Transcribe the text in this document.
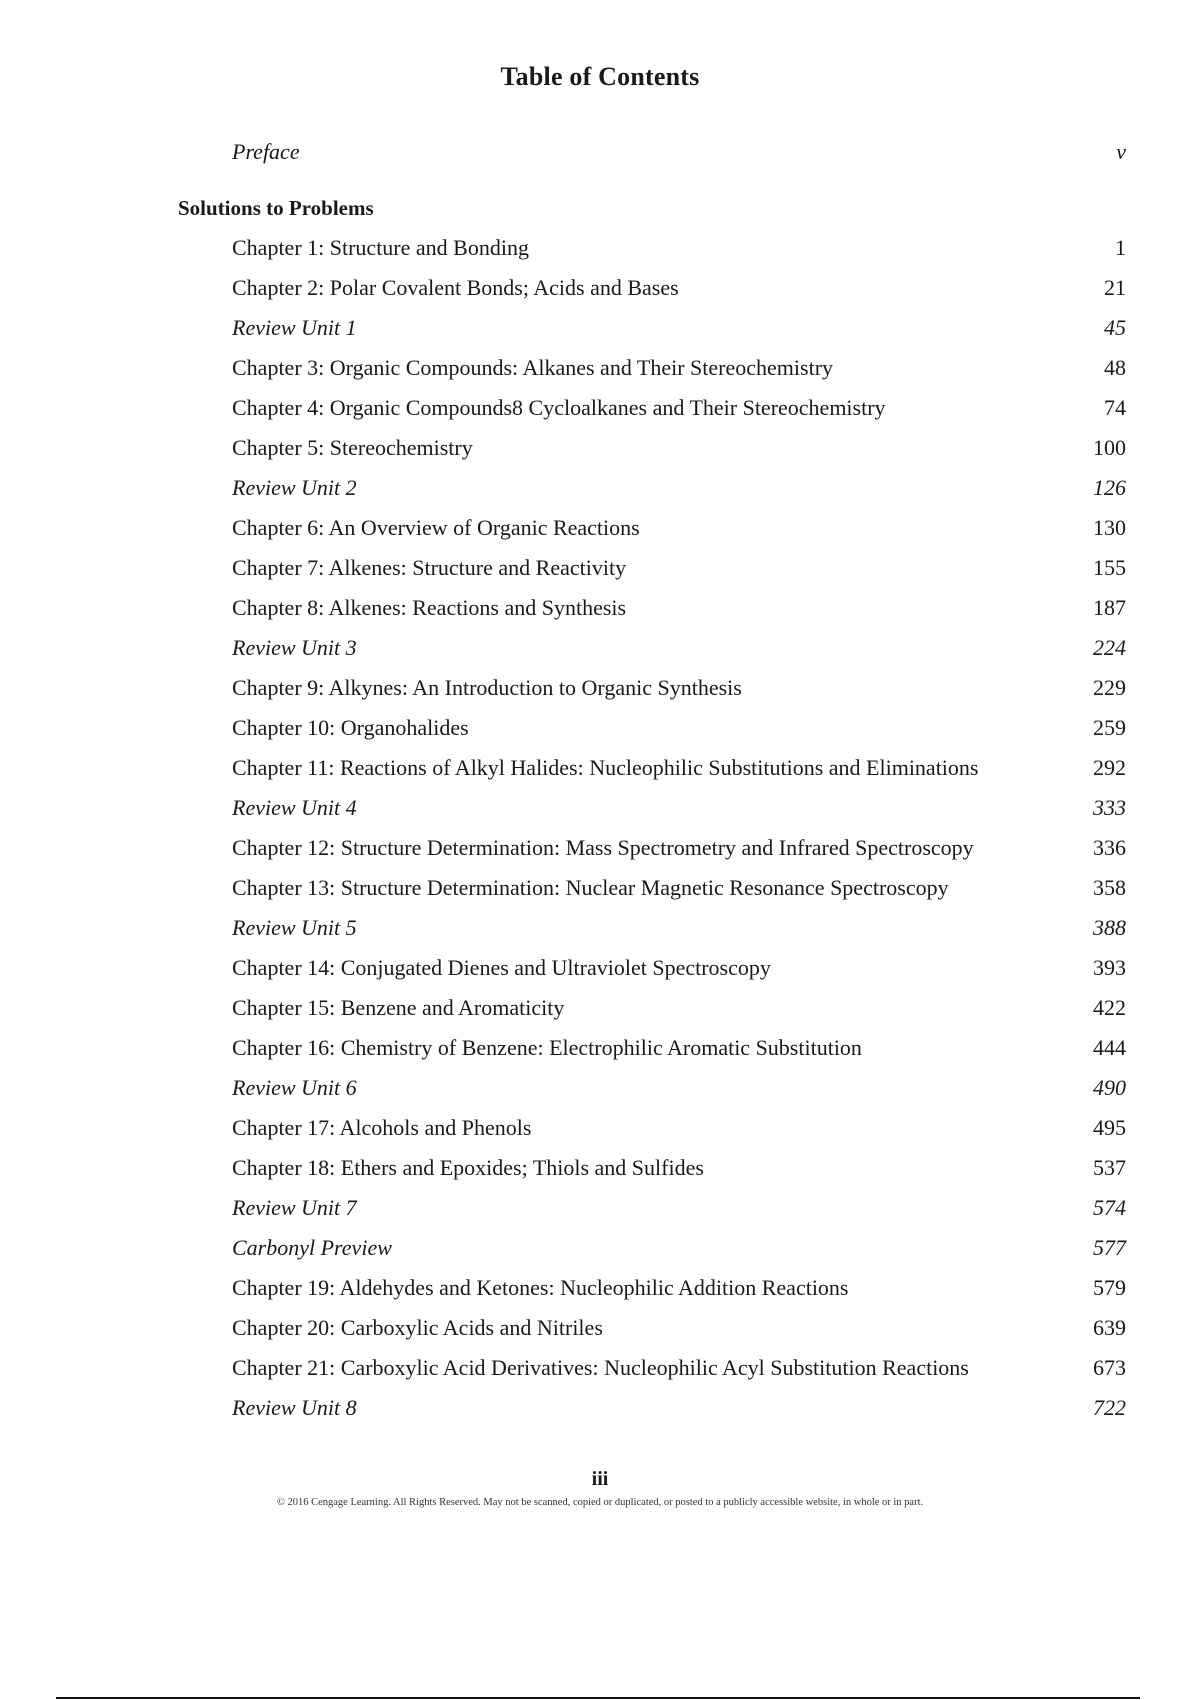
Table of Contents
Preface	v
Solutions to Problems
Chapter 1: Structure and Bonding	1
Chapter 2: Polar Covalent Bonds; Acids and Bases	21
Review Unit 1	45
Chapter 3: Organic Compounds: Alkanes and Their Stereochemistry	48
Chapter 4: Organic Compounds8 Cycloalkanes and Their Stereochemistry	74
Chapter 5: Stereochemistry	100
Review Unit 2	126
Chapter 6: An Overview of Organic Reactions	130
Chapter 7: Alkenes: Structure and Reactivity	155
Chapter 8: Alkenes: Reactions and Synthesis	187
Review Unit 3	224
Chapter 9: Alkynes: An Introduction to Organic Synthesis	229
Chapter 10: Organohalides	259
Chapter 11: Reactions of Alkyl Halides: Nucleophilic Substitutions and Eliminations	292
Review Unit 4	333
Chapter 12: Structure Determination: Mass Spectrometry and Infrared Spectroscopy	336
Chapter 13: Structure Determination: Nuclear Magnetic Resonance Spectroscopy	358
Review Unit 5	388
Chapter 14: Conjugated Dienes and Ultraviolet Spectroscopy	393
Chapter 15: Benzene and Aromaticity	422
Chapter 16: Chemistry of Benzene: Electrophilic Aromatic Substitution	444
Review Unit 6	490
Chapter 17: Alcohols and Phenols	495
Chapter 18: Ethers and Epoxides; Thiols and Sulfides	537
Review Unit 7	574
Carbonyl Preview	577
Chapter 19: Aldehydes and Ketones: Nucleophilic Addition Reactions	579
Chapter 20: Carboxylic Acids and Nitriles	639
Chapter 21: Carboxylic Acid Derivatives: Nucleophilic Acyl Substitution Reactions	673
Review Unit 8	722
iii
© 2016 Cengage Learning. All Rights Reserved. May not be scanned, copied or duplicated, or posted to a publicly accessible website, in whole or in part.
